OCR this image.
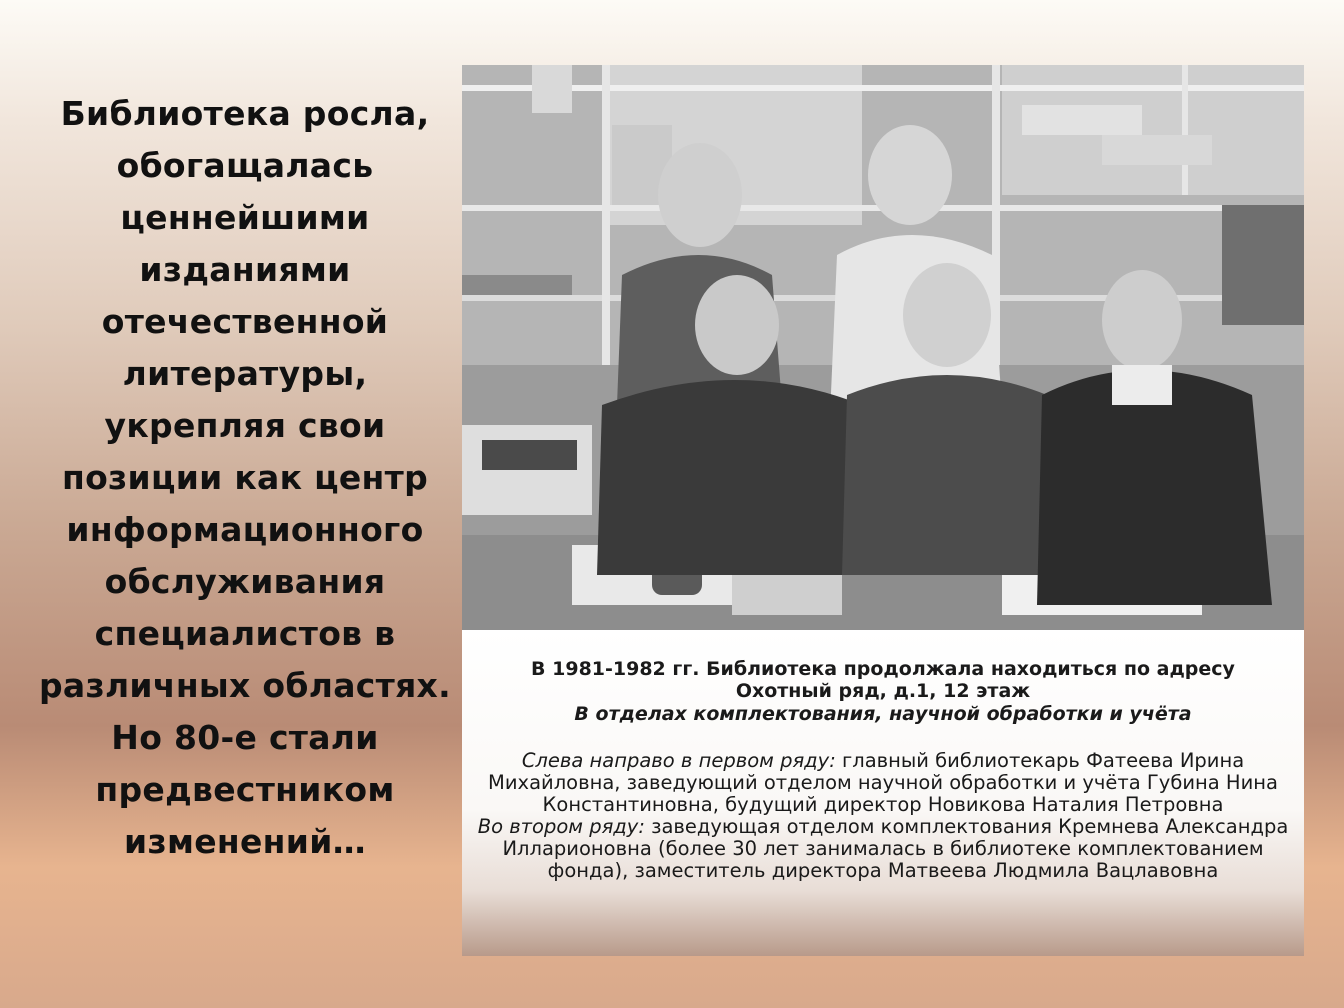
Библиотека росла, обогащалась ценнейшими изданиями отечественной литературы, укрепляя свои позиции как центр информационного обслуживания специалистов в различных областях.

Но 80-е стали предвестником изменений…

В 1981-1982 гг. Библиотека продолжала находиться по адресу

Охотный ряд, д.1, 12 этаж

В отделах комплектования, научной обработки и учёта

Слева направо в первом ряду: главный библиотекарь Фатеева Ирина Михайловна, заведующий отделом научной обработки и учёта Губина Нина Константиновна, будущий директор Новикова Наталия Петровна

Во втором ряду: заведующая отделом комплектования Кремнева Александра Илларионовна (более 30 лет занималась в библиотеке комплектованием фонда), заместитель директора Матвеева Людмила Вацлавовна
